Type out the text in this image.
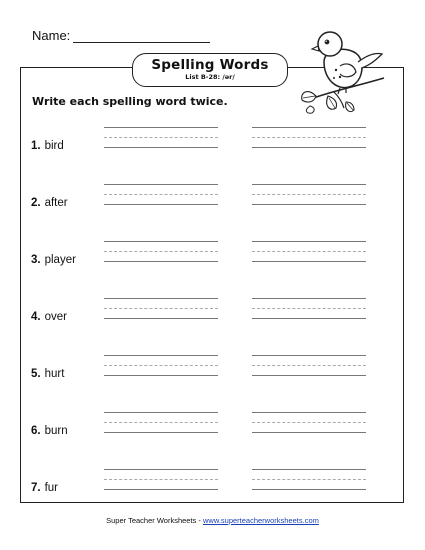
Name:
Spelling Words
List B-28: /ər/
Write each spelling word twice.
1. bird
2. after
3. player
4. over
5. hurt
6. burn
7. fur
Super Teacher Worksheets - www.superteacherworksheets.com
